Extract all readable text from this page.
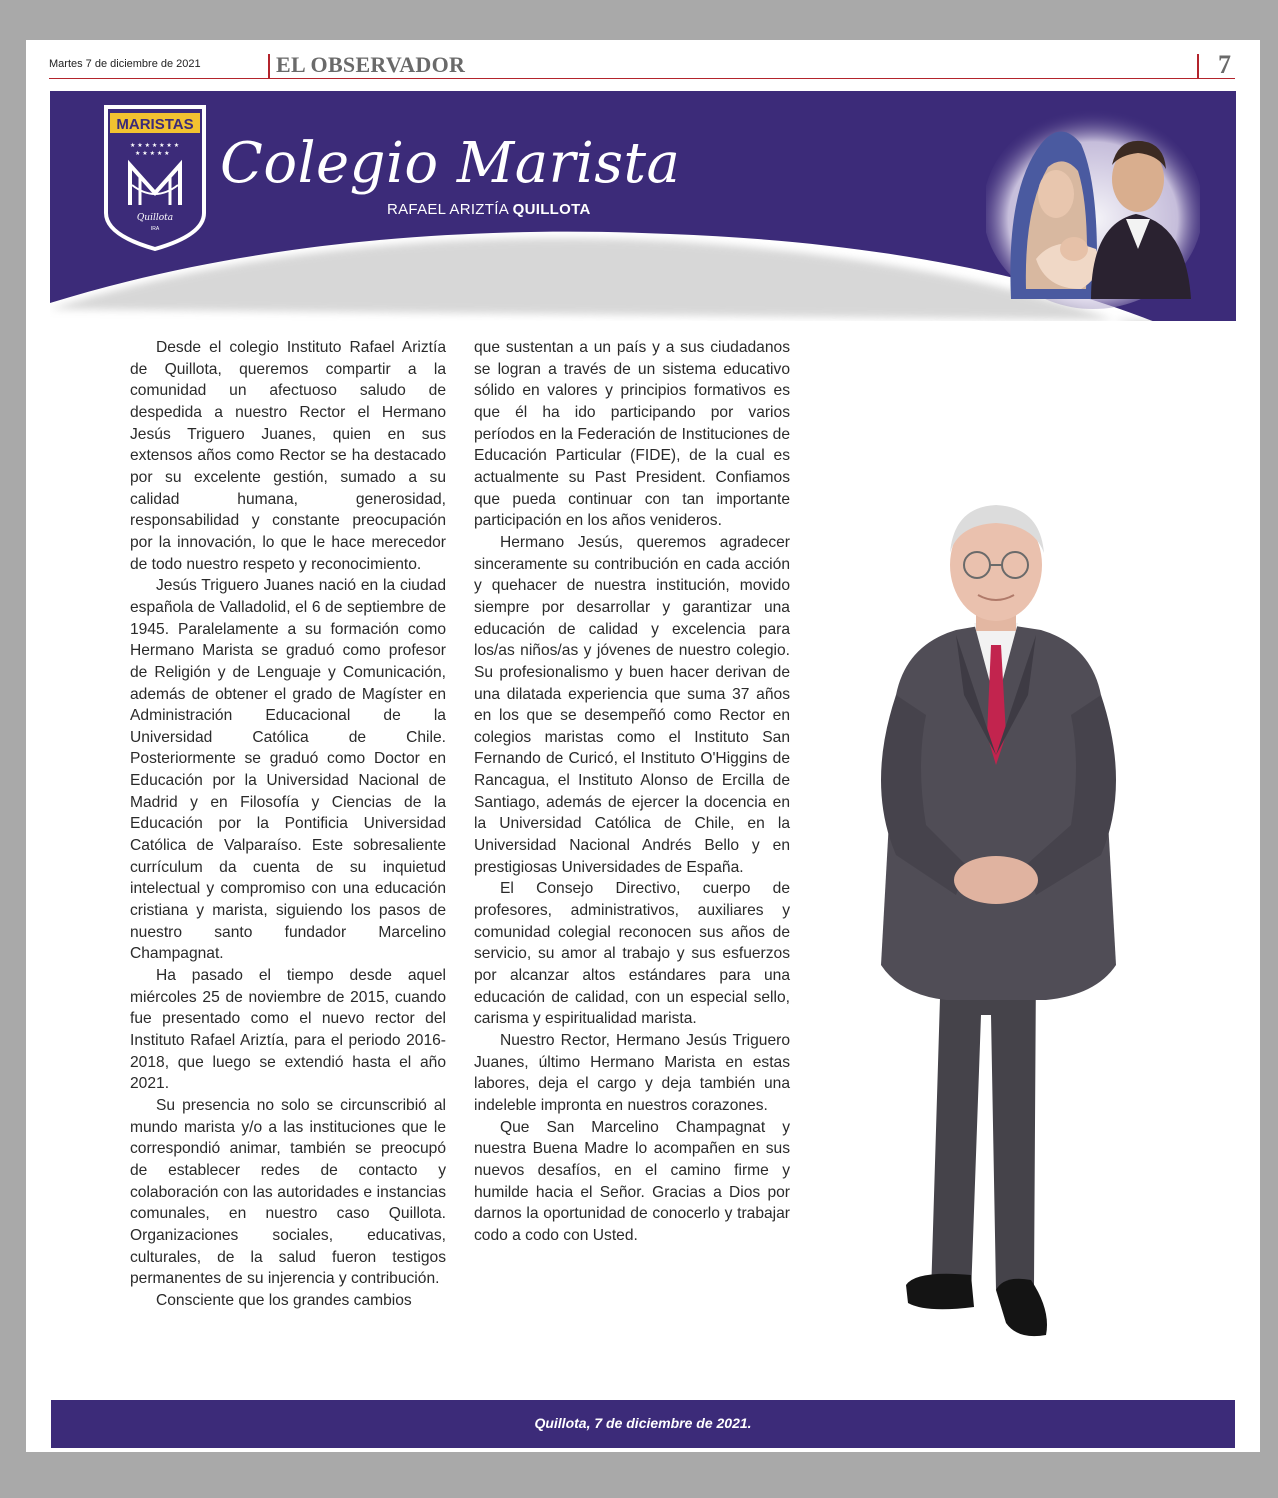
Martes 7 de diciembre de 2021	EL OBSERVADOR	7
MARISTAS
★ ★ ★ ★ ★ ★ ★
★ ★ ★ ★ ★
Quillota
IRA
Colegio Marista
RAFAEL ARIZTÍA QUILLOTA

Desde el colegio Instituto Rafael Ariztía de Quillota, queremos compartir a la comunidad un afectuoso saludo de despedida a nuestro Rector el Hermano Jesús Triguero Juanes, quien en sus extensos años como Rector se ha destacado por su excelente gestión, sumado a su calidad humana, generosidad, responsabilidad y constante preocupación por la innovación, lo que le hace merecedor de todo nuestro respeto y reconocimiento.

Jesús Triguero Juanes nació en la ciudad española de Valladolid, el 6 de septiembre de 1945. Paralelamente a su formación como Hermano Marista se graduó como profesor de Religión y de Lenguaje y Comunicación, además de obtener el grado de Magíster en Administración Educacional de la Universidad Católica de Chile. Posteriormente se graduó como Doctor en Educación por la Universidad Nacional de Madrid y en Filosofía y Ciencias de la Educación por la Pontificia Universidad Católica de Valparaíso. Este sobresaliente currículum da cuenta de su inquietud intelectual y compromiso con una educación cristiana y marista, siguiendo los pasos de nuestro santo fundador Marcelino Champagnat.

Ha pasado el tiempo desde aquel miércoles 25 de noviembre de 2015, cuando fue presentado como el nuevo rector del Instituto Rafael Ariztía, para el periodo 2016-2018, que luego se extendió hasta el año 2021.

Su presencia no solo se circunscribió al mundo marista y/o a las instituciones que le correspondió animar, también se preocupó de establecer redes de contacto y colaboración con las autoridades e instancias comunales, en nuestro caso Quillota. Organizaciones sociales, educativas, culturales, de la salud fueron testigos permanentes de su injerencia y contribución.

Consciente que los grandes cambios

que sustentan a un país y a sus ciudadanos se logran a través de un sistema educativo sólido en valores y principios formativos es que él ha ido participando por varios períodos en la Federación de Instituciones de Educación Particular (FIDE), de la cual es actualmente su Past President. Confiamos que pueda continuar con tan importante participación en los años venideros.

Hermano Jesús, queremos agradecer sinceramente su contribución en cada acción y quehacer de nuestra institución, movido siempre por desarrollar y garantizar una educación de calidad y excelencia para los/as niños/as y jóvenes de nuestro colegio. Su profesionalismo y buen hacer derivan de una dilatada experiencia que suma 37 años en los que se desempeñó como Rector en colegios maristas como el Instituto San Fernando de Curicó, el Instituto O'Higgins de Rancagua, el Instituto Alonso de Ercilla de Santiago, además de ejercer la docencia en la Universidad Católica de Chile, en la Universidad Nacional Andrés Bello y en prestigiosas Universidades de España.

El Consejo Directivo, cuerpo de profesores, administrativos, auxiliares y comunidad colegial reconocen sus años de servicio, su amor al trabajo y sus esfuerzos por alcanzar altos estándares para una educación de calidad, con un especial sello, carisma y espiritualidad marista.

Nuestro Rector, Hermano Jesús Triguero Juanes, último Hermano Marista en estas labores, deja el cargo y deja también una indeleble impronta en nuestros corazones.

Que San Marcelino Champagnat y nuestra Buena Madre lo acompañen en sus nuevos desafíos, en el camino firme y humilde hacia el Señor. Gracias a Dios por darnos la oportunidad de conocerlo y trabajar codo a codo con Usted.

Quillota, 7 de diciembre de 2021.
